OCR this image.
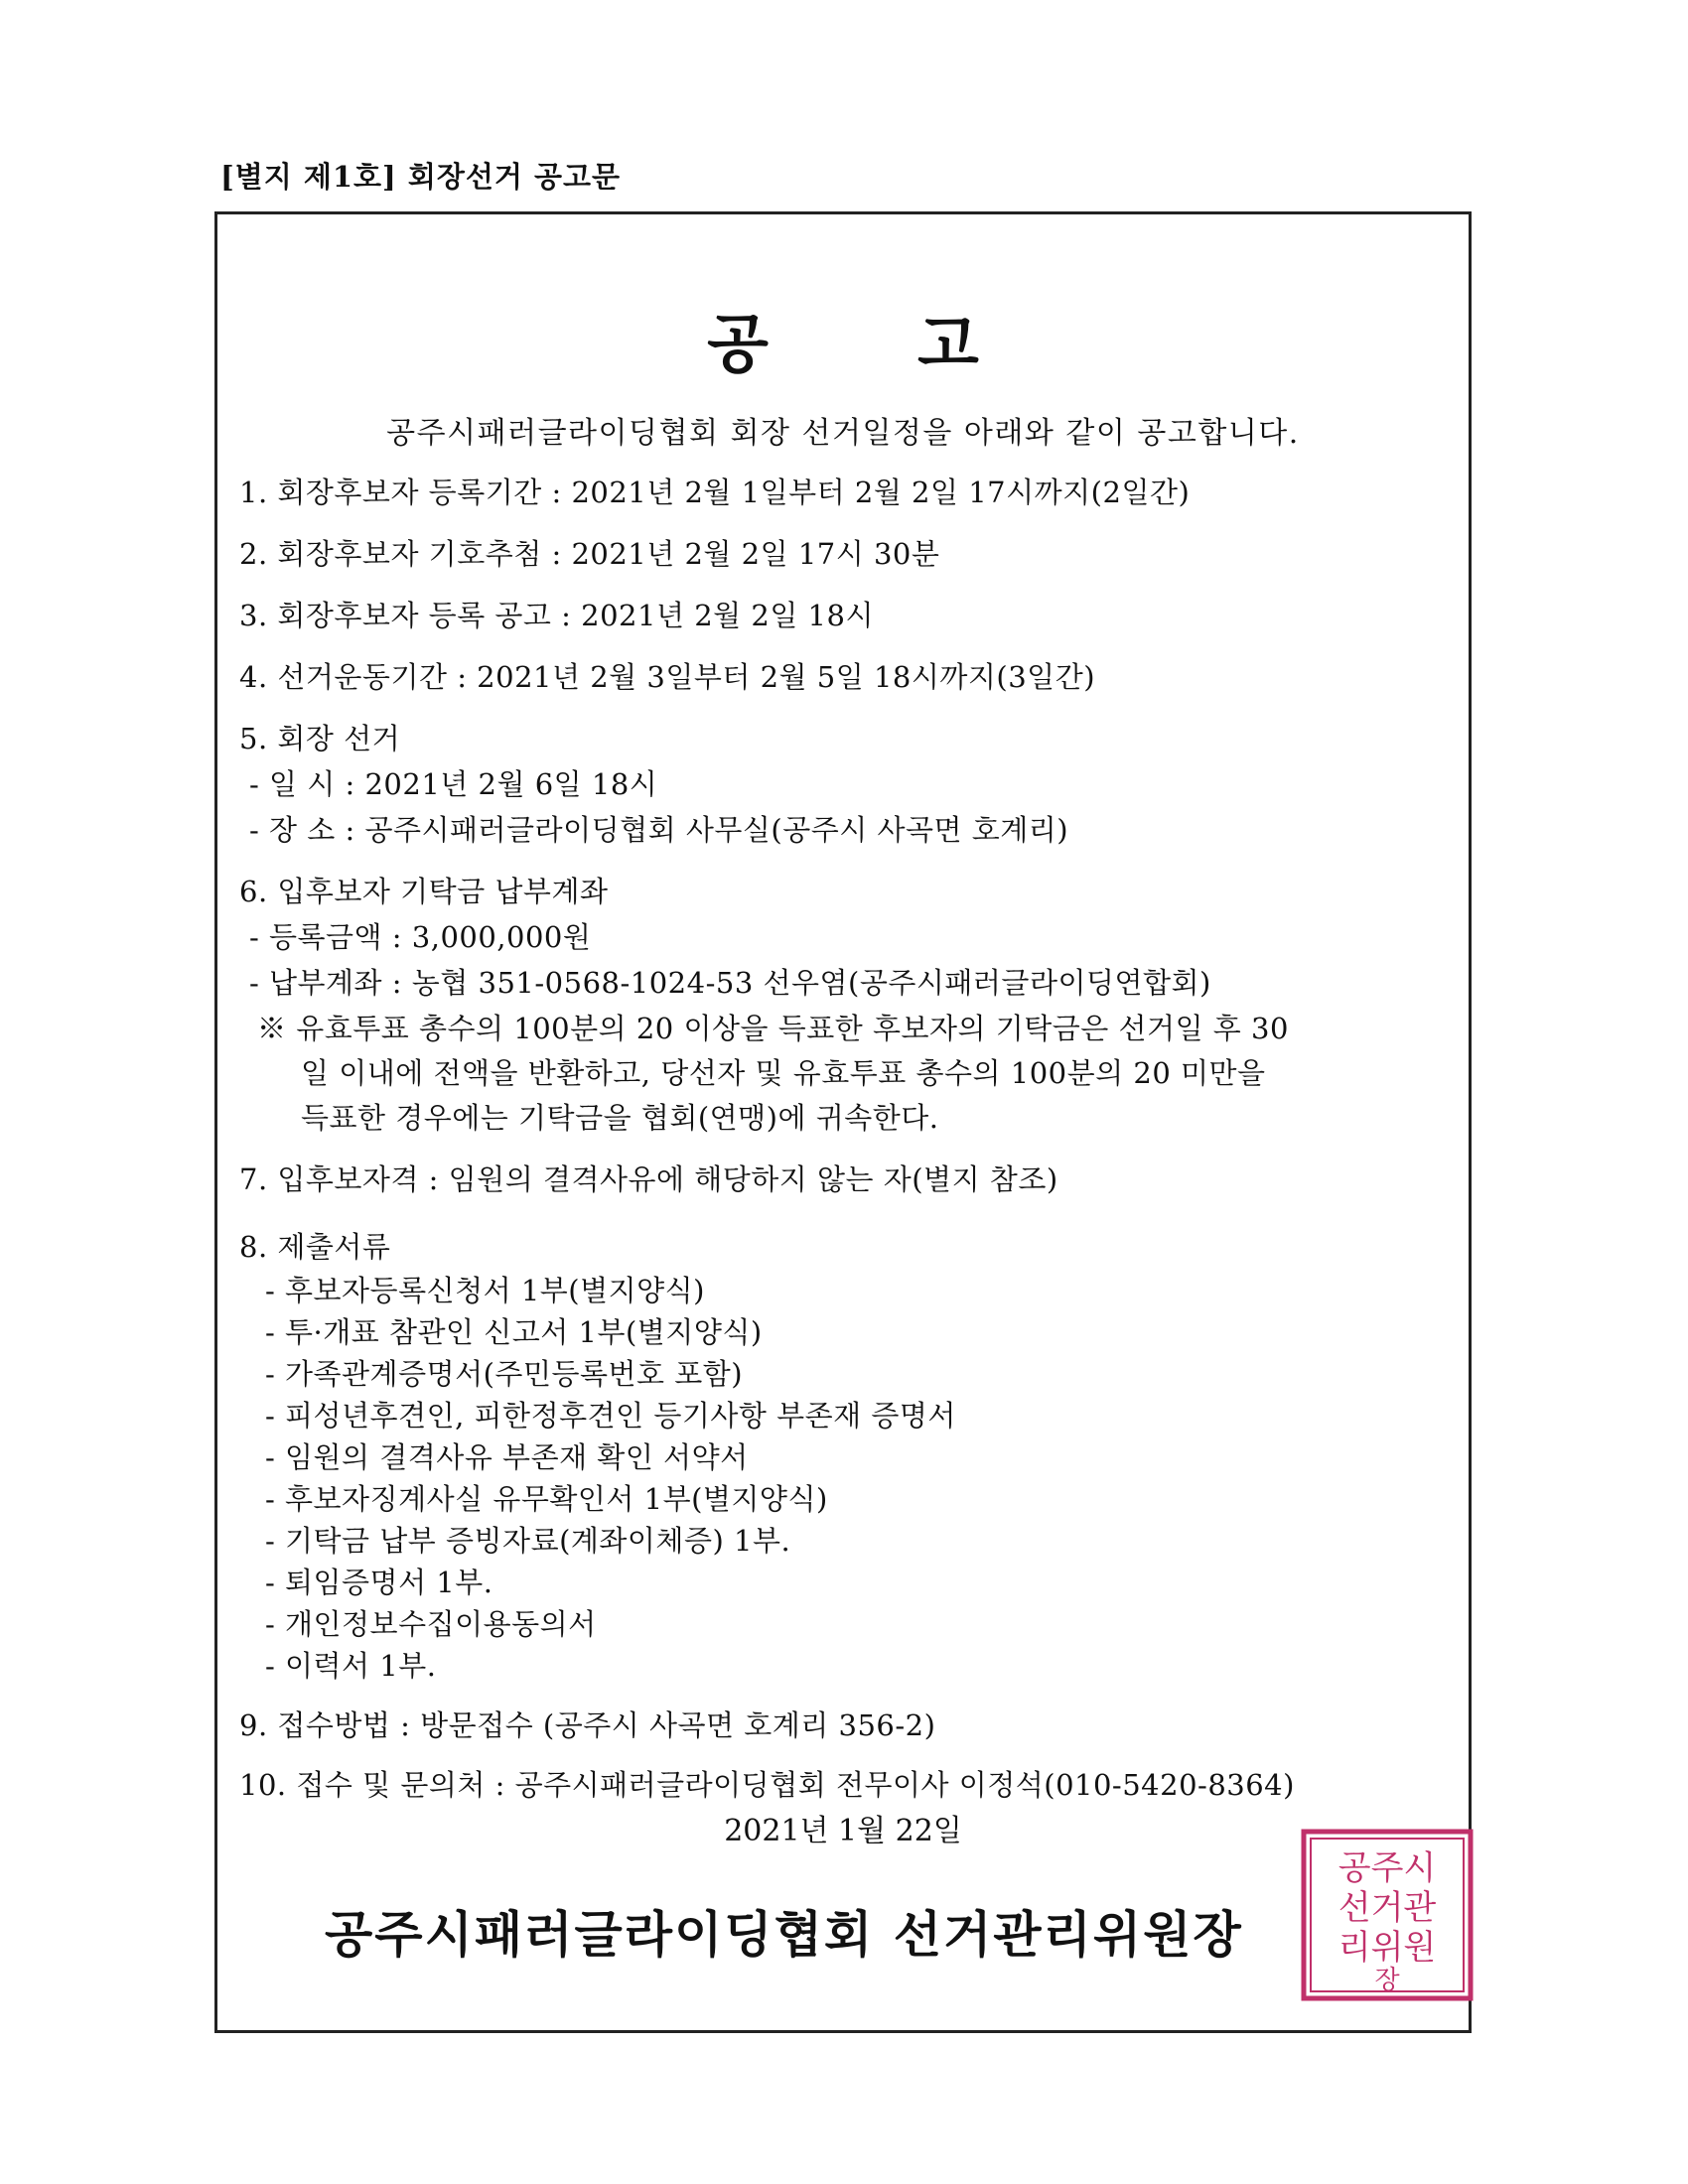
[별지 제1호] 회장선거 공고문
공고
공주시패러글라이딩협회 회장 선거일정을 아래와 같이 공고합니다.
1. 회장후보자 등록기간 : 2021년 2월 1일부터 2월 2일 17시까지(2일간)
2. 회장후보자 기호추첨 : 2021년 2월 2일 17시 30분
3. 회장후보자 등록 공고 : 2021년 2월 2일 18시
4. 선거운동기간 : 2021년 2월 3일부터 2월 5일 18시까지(3일간)
5. 회장 선거
- 일 시 : 2021년 2월 6일 18시
- 장 소 : 공주시패러글라이딩협회 사무실(공주시 사곡면 호계리)
6. 입후보자 기탁금 납부계좌
- 등록금액 : 3,000,000원
- 납부계좌 : 농협 351-0568-1024-53 선우염(공주시패러글라이딩연합회)
※ 유효투표 총수의 100분의 20 이상을 득표한 후보자의 기탁금은 선거일 후 30
일 이내에 전액을 반환하고, 당선자 및 유효투표 총수의 100분의 20 미만을
득표한 경우에는 기탁금을 협회(연맹)에 귀속한다.
7. 입후보자격 : 임원의 결격사유에 해당하지 않는 자(별지 참조)
8. 제출서류
- 후보자등록신청서 1부(별지양식)
- 투·개표 참관인 신고서 1부(별지양식)
- 가족관계증명서(주민등록번호 포함)
- 피성년후견인, 피한정후견인 등기사항 부존재 증명서
- 임원의 결격사유 부존재 확인 서약서
- 후보자징계사실 유무확인서 1부(별지양식)
- 기탁금 납부 증빙자료(계좌이체증) 1부.
- 퇴임증명서 1부.
- 개인정보수집이용동의서
- 이력서 1부.
9. 접수방법 : 방문접수 (공주시 사곡면 호계리 356-2)
10. 접수 및 문의처 : 공주시패러글라이딩협회 전무이사 이정석(010-5420-8364)
2021년 1월 22일
공주시패러글라이딩협회 선거관리위원장
공주시
선거관
리위원
장
